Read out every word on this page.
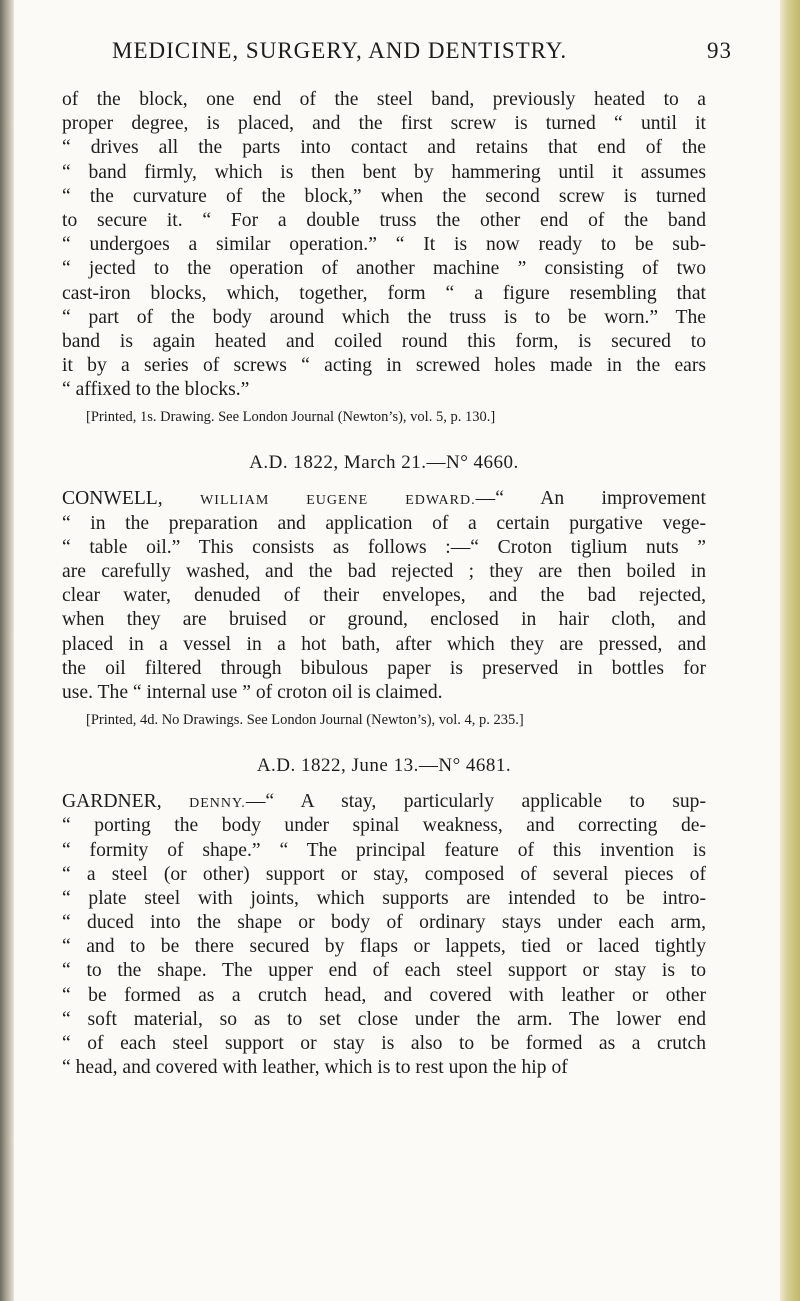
MEDICINE, SURGERY, AND DENTISTRY.	93
of the block, one end of the steel band, previously heated to a
proper degree, is placed, and the first screw is turned “ until it
“ drives all the parts into contact and retains that end of the
“ band firmly, which is then bent by hammering until it assumes
“ the curvature of the block,” when the second screw is turned
to secure it. “ For a double truss the other end of the band
“ undergoes a similar operation.” “ It is now ready to be sub-
“ jected to the operation of another machine ” consisting of two
cast-iron blocks, which, together, form “ a figure resembling that
“ part of the body around which the truss is to be worn.” The
band is again heated and coiled round this form, is secured to
it by a series of screws “ acting in screwed holes made in the ears
“ affixed to the blocks.”
[Printed, 1s. Drawing. See London Journal (Newton’s), vol. 5, p. 130.]
A.D. 1822, March 21.—N° 4660.
CONWELL,	WILLIAM EUGENE EDWARD.—“ An improvement
“ in the preparation and application of a certain purgative vege-
“ table oil.” This consists as follows :—“ Croton tiglium nuts ”
are carefully washed, and the bad rejected ; they are then boiled in
clear water, denuded of their envelopes, and the bad rejected,
when they are bruised or ground, enclosed in hair cloth, and
placed in a vessel in a hot bath, after which they are pressed, and
the oil filtered through bibulous paper is preserved in bottles for
use. The “ internal use ” of croton oil is claimed.
[Printed, 4d. No Drawings. See London Journal (Newton’s), vol. 4, p. 235.]
A.D. 1822, June 13.—N° 4681.
GARDNER, DENNY.—“ A stay, particularly applicable to sup-
“ porting the body under spinal weakness, and correcting de-
“ formity of shape.” “ The principal feature of this invention is
“ a steel (or other) support or stay, composed of several pieces of
“ plate steel with joints, which supports are intended to be intro-
“ duced into the shape or body of ordinary stays under each arm,
“ and to be there secured by flaps or lappets, tied or laced tightly
“ to the shape. The upper end of each steel support or stay is to
“ be formed as a crutch head, and covered with leather or other
“ soft material, so as to set close under the arm. The lower end
“ of each steel support or stay is also to be formed as a crutch
“ head, and covered with leather, which is to rest upon the hip of
